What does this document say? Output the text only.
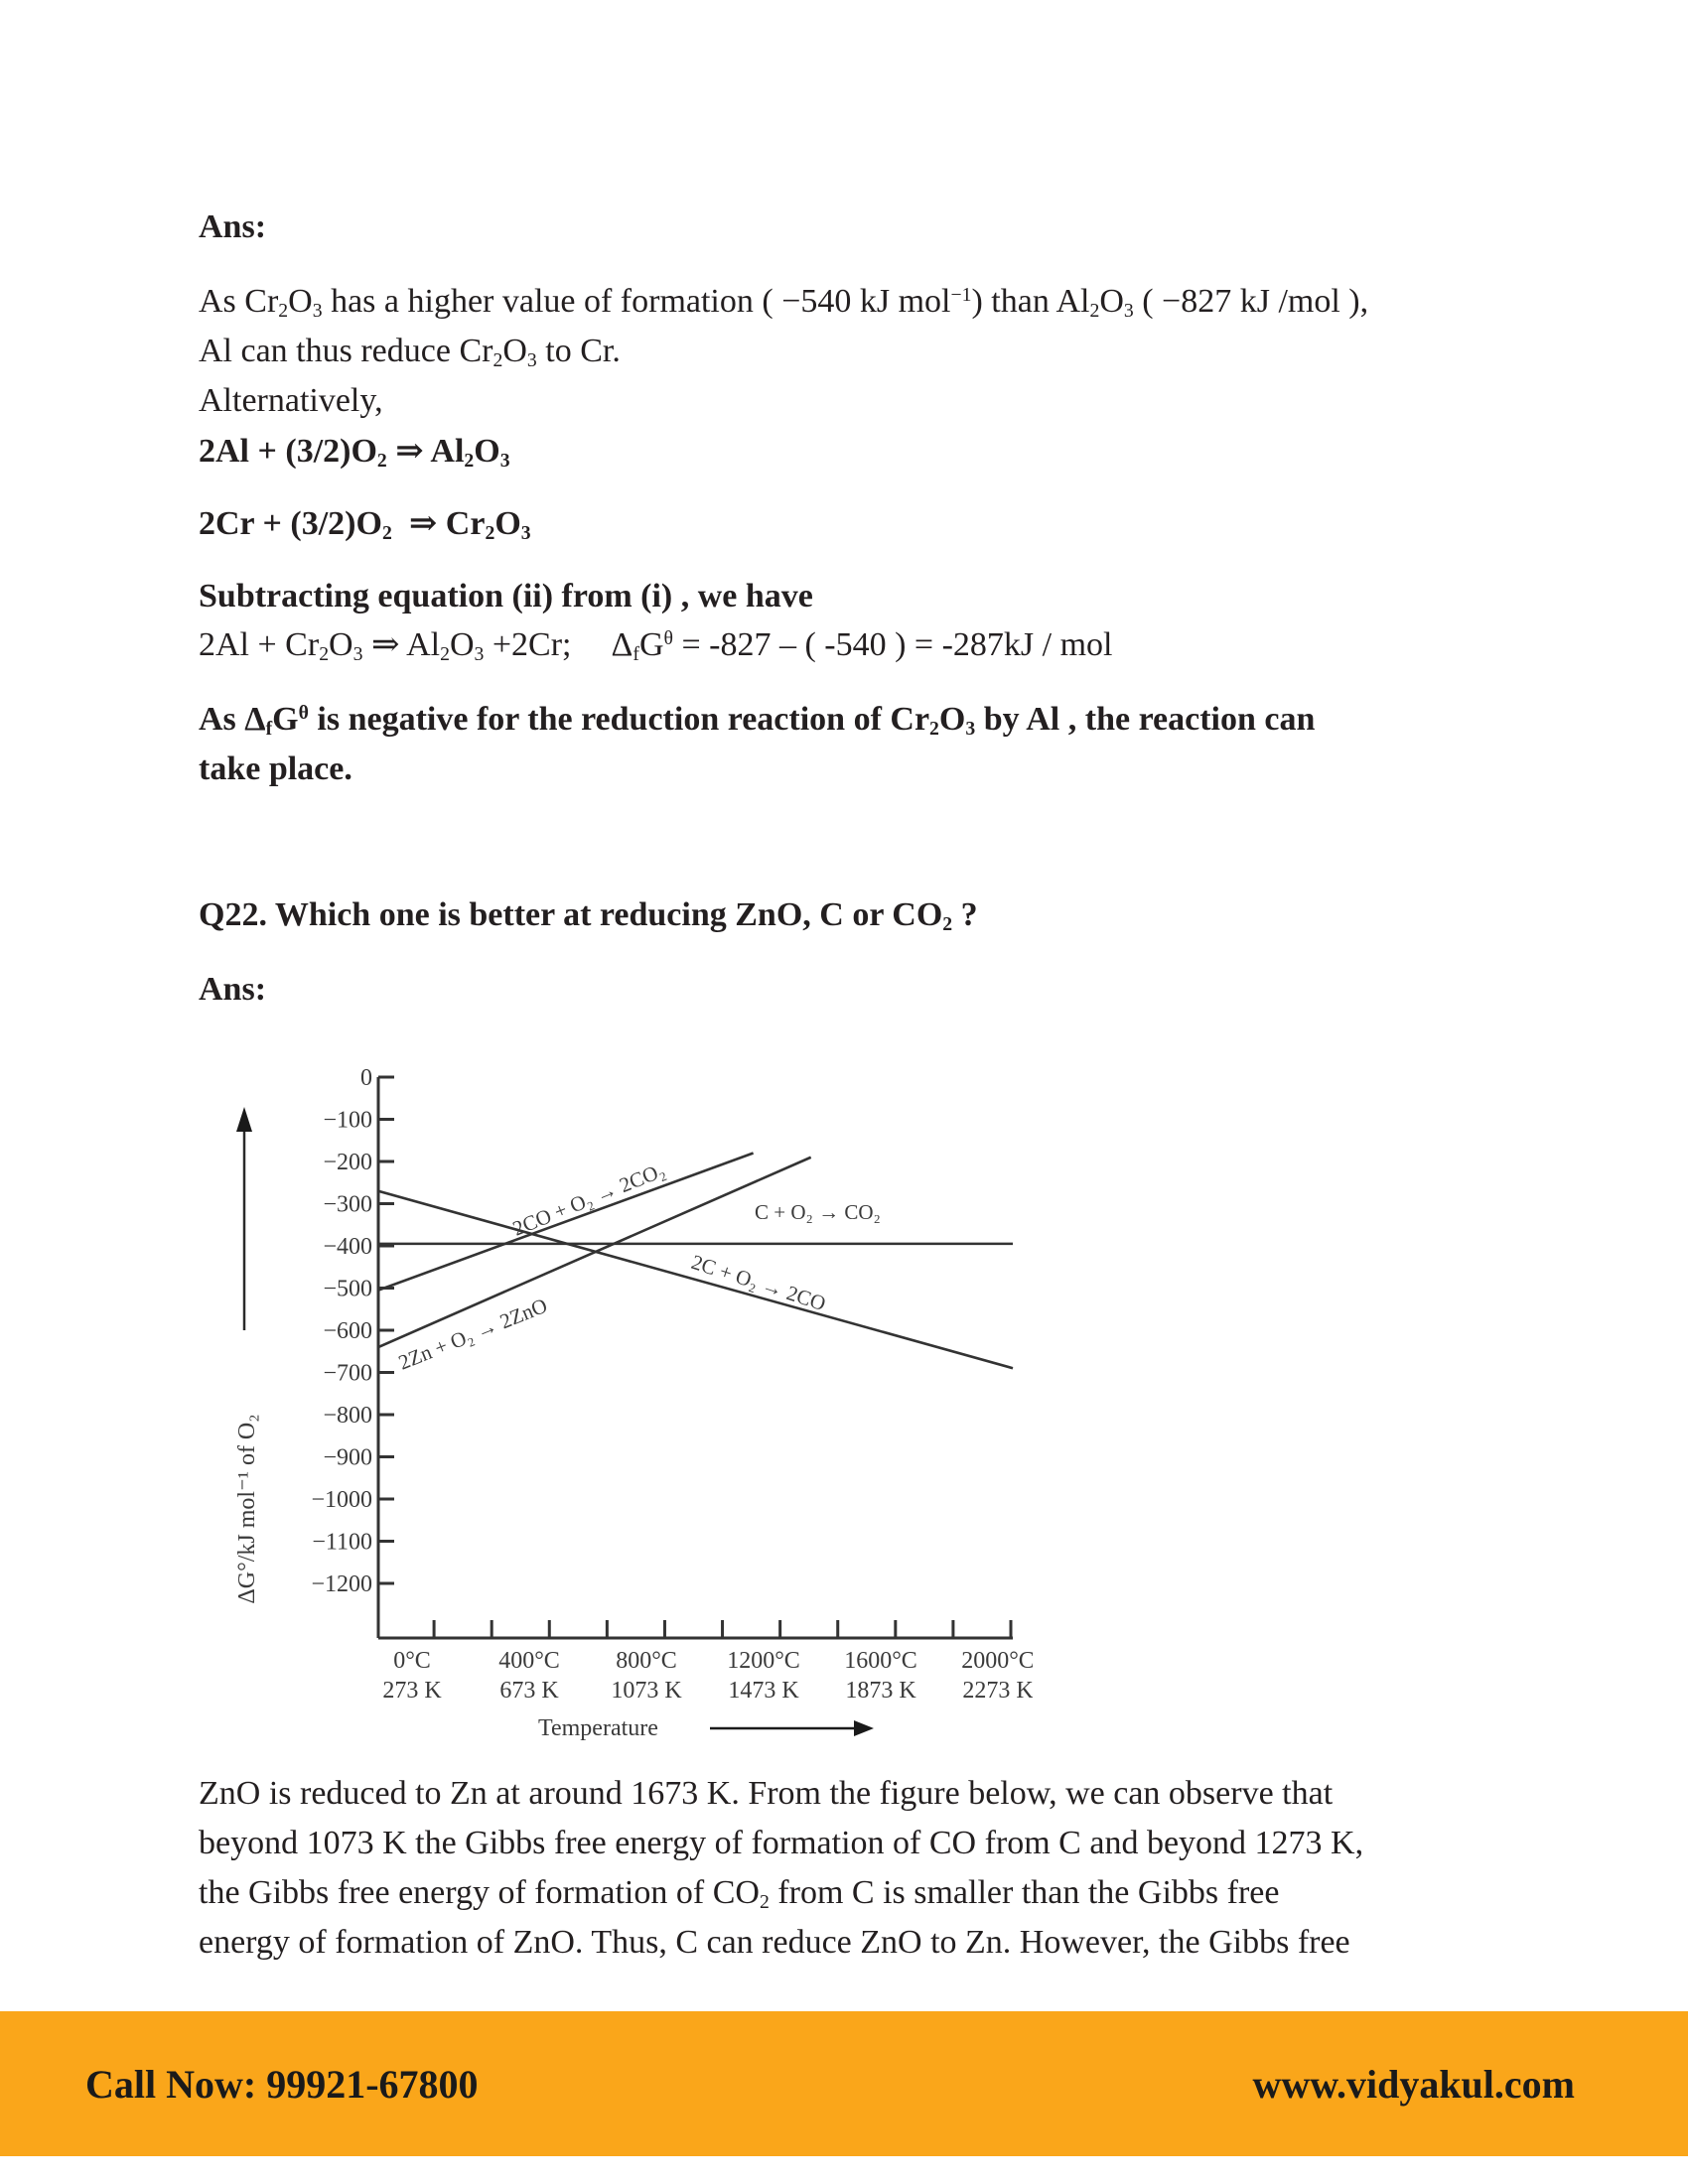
Ans:
As $Cr_2O_3$ has a higher value of formation ( −540 kJ mol$^{-1}$) than $Al_2O_3$ ( −827 kJ /mol ),
Al can thus reduce $Cr_2O_3$ to Cr.
Alternatively,
$2Al + (3/2)O_2$ ⇒ $Al_2O_3$
$2Cr + (3/2)O_2$  ⇒ $Cr_2O_3$
Subtracting equation (ii) from (i) , we have
$2Al + Cr_2O_3$ ⇒ $Al_2O_3 +2Cr$; $\Delta_fG^\theta = -827$ – ( -540 ) = -287kJ / mol
As $\Delta_fG^\theta$ is negative for the reduction reaction of $Cr_2O_3$ by Al , the reaction can
take place.
Q22. Which one is better at reducing ZnO, C or $CO_2$ ?
Ans:
ΔG°/kJ mol⁻¹ of O₂
0
−100
−200
−300
−400
−500
−600
−700
−800
−900
−1000
−1100
−1200
2CO + O₂ → 2CO₂	C + O₂ → CO₂
2C + O₂ → 2CO
2Zn + O₂ → 2ZnO
0°C
273 K
400°C
673 K
800°C
1073 K
1200°C
1473 K
1600°C
1873 K
2000°C
2273 K
Temperature
ZnO is reduced to Zn at around 1673 K. From the figure below, we can observe that
beyond 1073 K the Gibbs free energy of formation of CO from C and beyond 1273 K,
the Gibbs free energy of formation of $CO_2$ from C is smaller than the Gibbs free
energy of formation of ZnO. Thus, C can reduce ZnO to Zn. However, the Gibbs free
Call Now: 99921-67800	www.vidyakul.com
